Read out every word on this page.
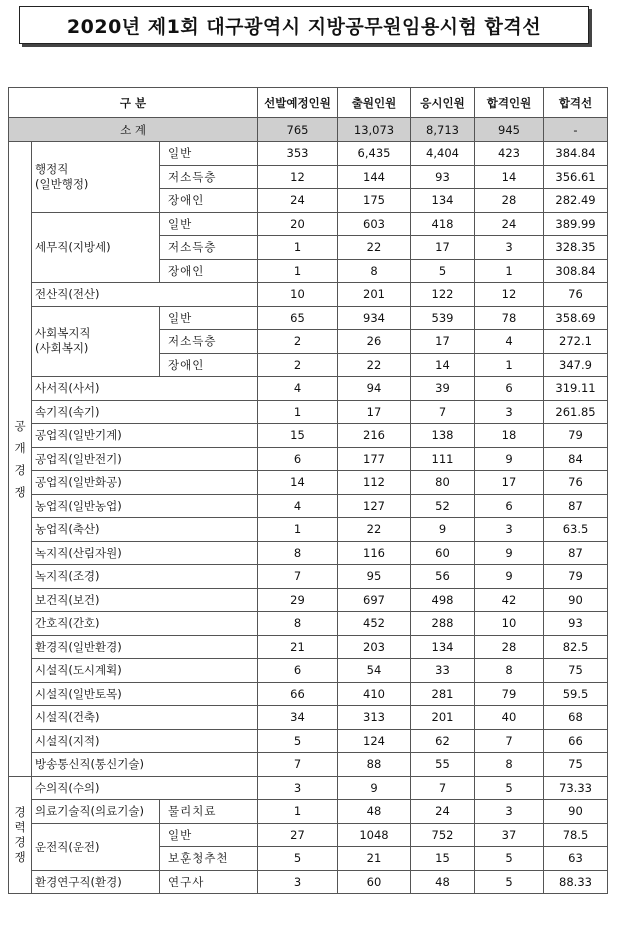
2020년 제1회 대구광역시 지방공무원임용시험 합격선
구 분			선발예정인원	출원인원	응시인원	합격인원	합격선
소 계			765	13,073	8,713	945	-

공개경쟁	행정직
(일반행정)	일반	353	6,435	4,404	423	384.84
		저소득층	12	144	93	14	356.61
		장애인	24	175	134	28	282.49
	세무직(지방세)	일반	20	603	418	24	389.99
		저소득층	1	22	17	3	328.35
		장애인	1	8	5	1	308.84
	전산직(전산)		10	201	122	12	76
	사회복지직
(사회복지)	일반	65	934	539	78	358.69
		저소득층	2	26	17	4	272.1
		장애인	2	22	14	1	347.9
	사서직(사서)		4	94	39	6	319.11
	속기직(속기)		1	17	7	3	261.85
	공업직(일반기계)		15	216	138	18	79
	공업직(일반전기)		6	177	111	9	84
	공업직(일반화공)		14	112	80	17	76
	농업직(일반농업)		4	127	52	6	87
	농업직(축산)		1	22	9	3	63.5
	녹지직(산림자원)		8	116	60	9	87
	녹지직(조경)		7	95	56	9	79
	보건직(보건)		29	697	498	42	90
	간호직(간호)		8	452	288	10	93
	환경직(일반환경)		21	203	134	28	82.5
	시설직(도시계획)		6	54	33	8	75
	시설직(일반토목)		66	410	281	79	59.5
	시설직(건축)		34	313	201	40	68
	시설직(지적)		5	124	62	7	66
	방송통신직(통신기술)		7	88	55	8	75

경력경쟁	수의직(수의)		3	9	7	5	73.33
	의료기술직(의료기술)	물리치료	1	48	24	3	90
	운전직(운전)	일반	27	1048	752	37	78.5
		보훈청추천	5	21	15	5	63
	환경연구직(환경)	연구사	3	60	48	5	88.33
